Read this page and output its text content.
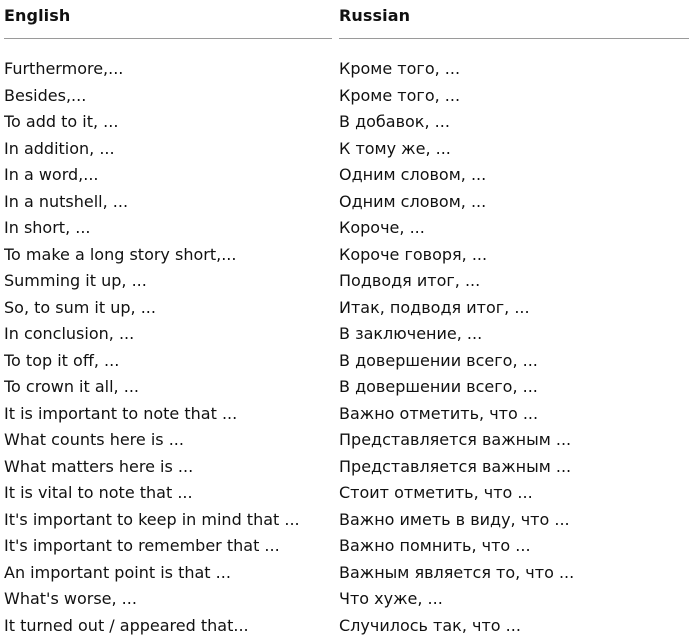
English	Russian
Furthermore,...
Besides,...
To add to it, ...
In addition, ...
In a word,...
In a nutshell, ...
In short, ...
To make a long story short,...
Summing it up, ...
So, to sum it up, ...
In conclusion, ...
To top it off, ...
To crown it all, ...
It is important to note that ...
What counts here is ...
What matters here is ...
It is vital to note that ...
It's important to keep in mind that ...
It's important to remember that ...
An important point is that ...
What's worse, ...
It turned out / appeared that...
Кроме того, ...
Кроме того, ...
В добавок, ...
К тому же, ...
Одним словом, ...
Одним словом, ...
Короче, ...
Короче говоря, ...
Подводя итог, ...
Итак, подводя итог, ...
В заключение, ...
В довершении всего, ...
В довершении всего, ...
Важно отметить, что ...
Представляется важным ...
Представляется важным ...
Стоит отметить, что ...
Важно иметь в виду, что ...
Важно помнить, что ...
Важным является то, что ...
Что хуже, ...
Случилось так, что ...
